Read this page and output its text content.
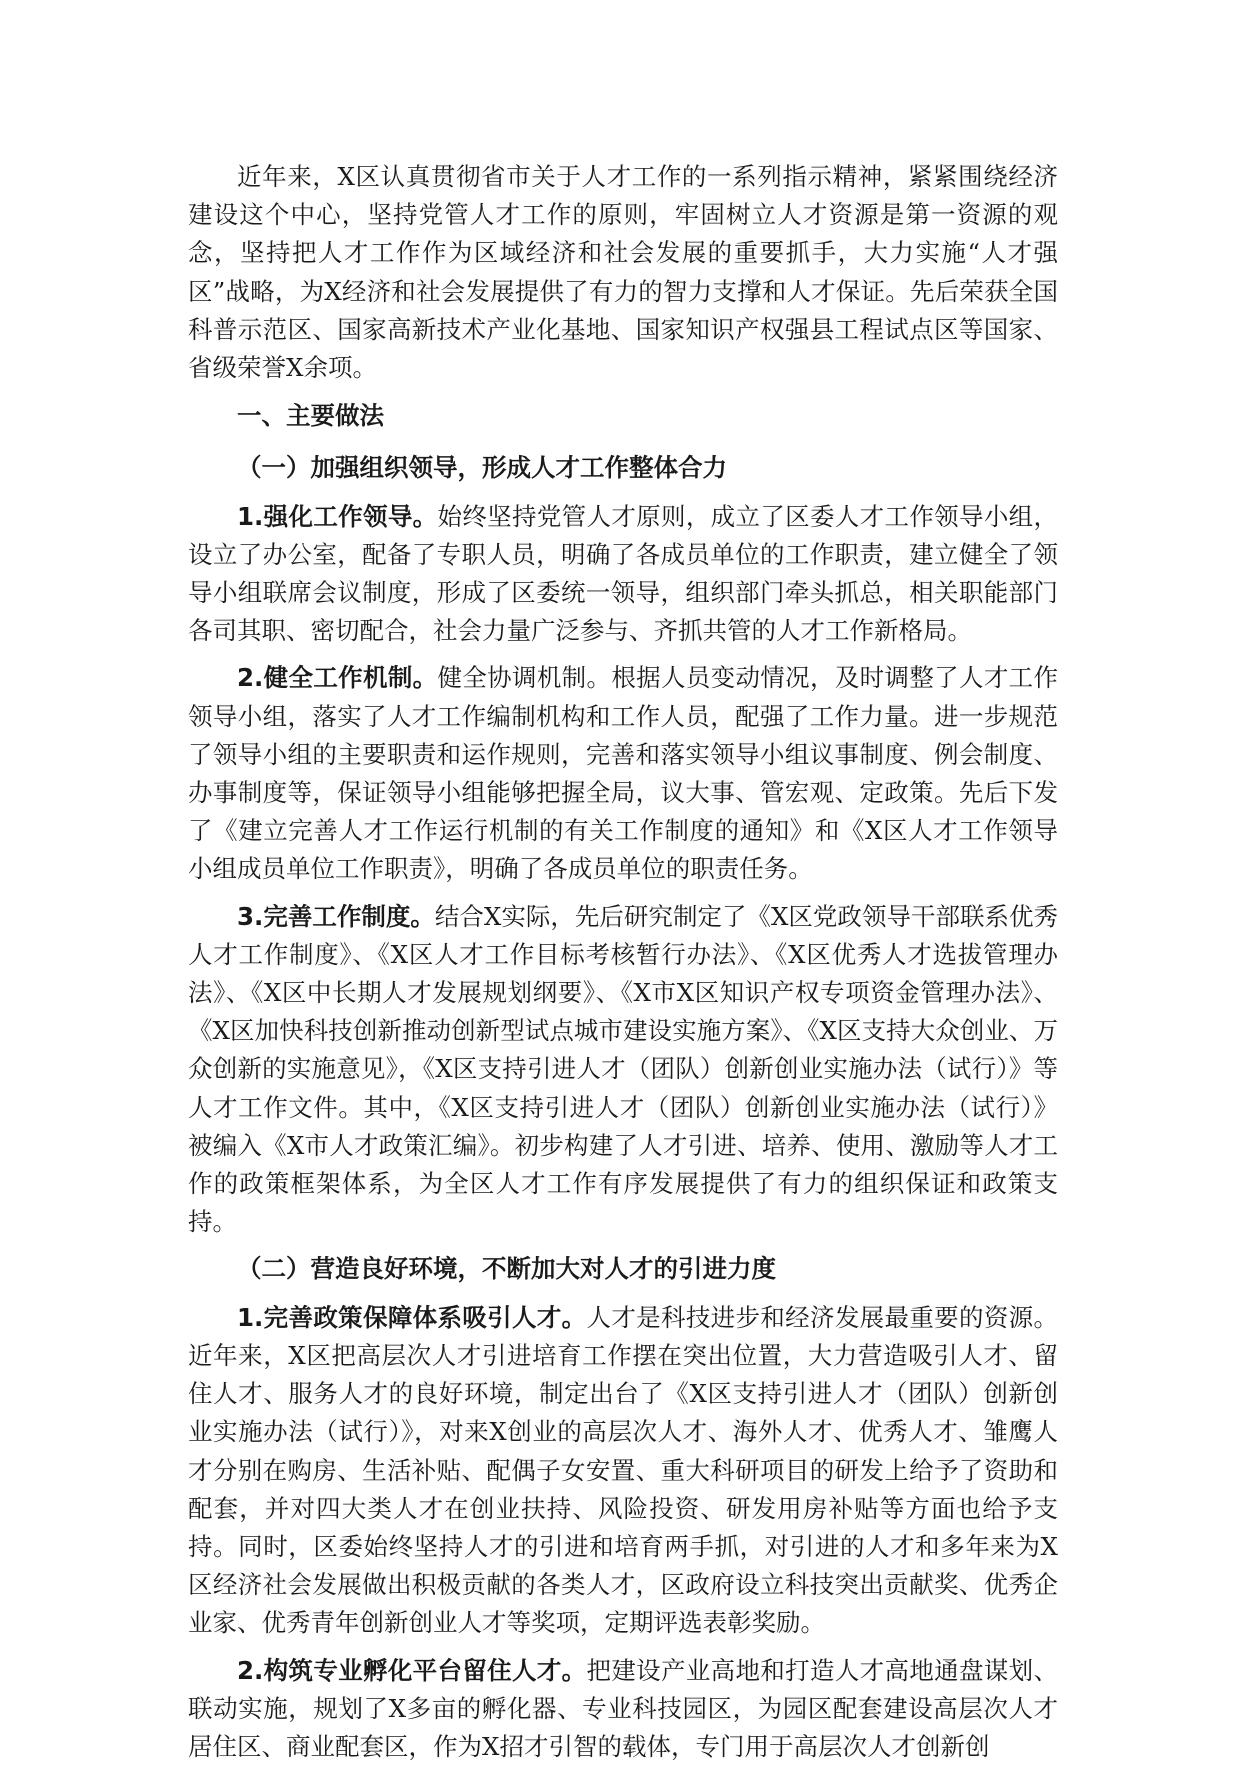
近年来，X区认真贯彻省市关于人才工作的一系列指示精神，紧紧围绕经济建设这个中心，坚持党管人才工作的原则，牢固树立人才资源是第一资源的观念，坚持把人才工作作为区域经济和社会发展的重要抓手，大力实施“人才强区”战略，为X经济和社会发展提供了有力的智力支撑和人才保证。先后荣获全国科普示范区、国家高新技术产业化基地、国家知识产权强县工程试点区等国家、省级荣誉X余项。

一、主要做法

（一）加强组织领导，形成人才工作整体合力

1.强化工作领导。始终坚持党管人才原则，成立了区委人才工作领导小组，设立了办公室，配备了专职人员，明确了各成员单位的工作职责，建立健全了领导小组联席会议制度，形成了区委统一领导，组织部门牵头抓总，相关职能部门各司其职、密切配合，社会力量广泛参与、齐抓共管的人才工作新格局。

2.健全工作机制。健全协调机制。根据人员变动情况，及时调整了人才工作领导小组，落实了人才工作编制机构和工作人员，配强了工作力量。进一步规范了领导小组的主要职责和运作规则，完善和落实领导小组议事制度、例会制度、办事制度等，保证领导小组能够把握全局，议大事、管宏观、定政策。先后下发了《建立完善人才工作运行机制的有关工作制度的通知》和《X区人才工作领导小组成员单位工作职责》，明确了各成员单位的职责任务。

3.完善工作制度。结合X实际，先后研究制定了《X区党政领导干部联系优秀人才工作制度》、《X区人才工作目标考核暂行办法》、《X区优秀人才选拔管理办法》、《X区中长期人才发展规划纲要》、《X市X区知识产权专项资金管理办法》、《X区加快科技创新推动创新型试点城市建设实施方案》、《X区支持大众创业、万众创新的实施意见》，《X区支持引进人才（团队）创新创业实施办法（试行）》等人才工作文件。其中，《X区支持引进人才（团队）创新创业实施办法（试行）》被编入《X市人才政策汇编》。初步构建了人才引进、培养、使用、激励等人才工作的政策框架体系，为全区人才工作有序发展提供了有力的组织保证和政策支持。

（二）营造良好环境，不断加大对人才的引进力度

1.完善政策保障体系吸引人才。人才是科技进步和经济发展最重要的资源。近年来，X区把高层次人才引进培育工作摆在突出位置，大力营造吸引人才、留住人才、服务人才的良好环境，制定出台了《X区支持引进人才（团队）创新创业实施办法（试行）》，对来X创业的高层次人才、海外人才、优秀人才、雏鹰人才分别在购房、生活补贴、配偶子女安置、重大科研项目的研发上给予了资助和配套，并对四大类人才在创业扶持、风险投资、研发用房补贴等方面也给予支持。同时，区委始终坚持人才的引进和培育两手抓，对引进的人才和多年来为X区经济社会发展做出积极贡献的各类人才，区政府设立科技突出贡献奖、优秀企业家、优秀青年创新创业人才等奖项，定期评选表彰奖励。

2.构筑专业孵化平台留住人才。把建设产业高地和打造人才高地通盘谋划、联动实施，规划了X多亩的孵化器、专业科技园区，为园区配套建设高层次人才居住区、商业配套区，作为X招才引智的载体，专门用于高层次人才创新创
